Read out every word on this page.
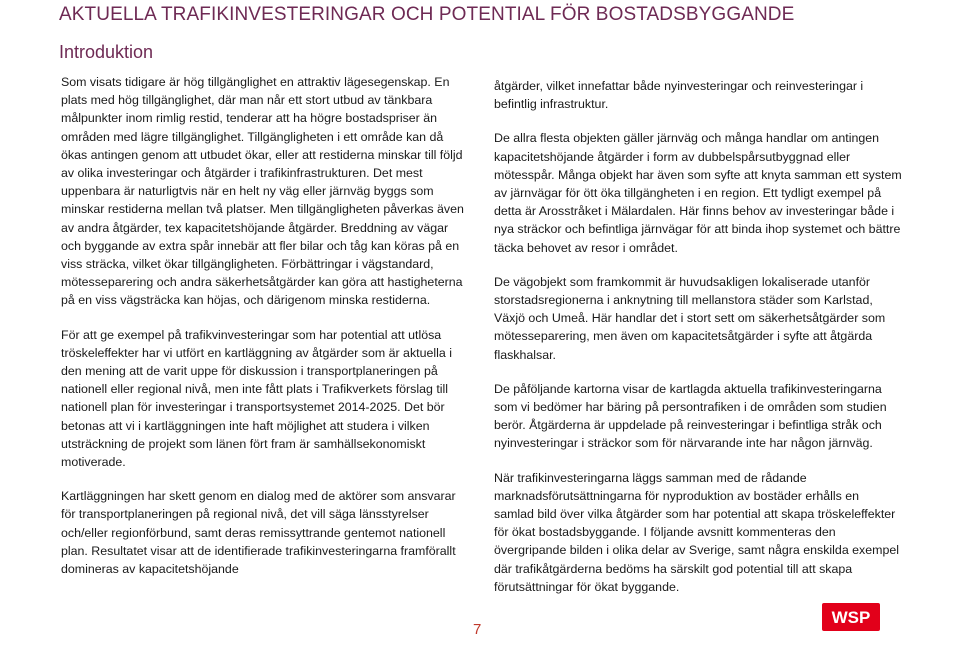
AKTUELLA TRAFIKINVESTERINGAR OCH POTENTIAL FÖR BOSTADSBYGGANDE
Introduktion

Som visats tidigare är hög tillgänglighet en attraktiv lägesegenskap. En plats med hög tillgänglighet, där man når ett stort utbud av tänkbara målpunkter inom rimlig restid, tenderar att ha högre bostadspriser än områden med lägre tillgänglighet. Tillgängligheten i ett område kan då ökas antingen genom att utbudet ökar, eller att restiderna minskar till följd av olika investeringar och åtgärder i trafikinfrastrukturen. Det mest uppenbara är naturligtvis när en helt ny väg eller järnväg byggs som minskar restiderna mellan två platser. Men tillgängligheten påverkas även av andra åtgärder, tex kapacitetshöjande åtgärder. Breddning av vägar och byggande av extra spår innebär att fler bilar och tåg kan köras på en viss sträcka, vilket ökar tillgängligheten. Förbättringar i vägstandard, mötesseparering och andra säkerhetsåtgärder kan göra att hastigheterna på en viss vägsträcka kan höjas, och därigenom minska restiderna.

För att ge exempel på trafikvinvesteringar som har potential att utlösa tröskeleffekter har vi utfört en kartläggning av åtgärder som är aktuella i den mening att de varit uppe för diskussion i transportplaneringen på nationell eller regional nivå, men inte fått plats i Trafikverkets förslag till nationell plan för investeringar i transportsystemet 2014-2025. Det bör betonas att vi i kartläggningen inte haft möjlighet att studera i vilken utsträckning de projekt som länen fört fram är samhällsekonomiskt motiverade.

Kartläggningen har skett genom en dialog med de aktörer som ansvarar för transportplaneringen på regional nivå, det vill säga länsstyrelser och/eller regionförbund, samt deras remissyttrande gentemot nationell plan. Resultatet visar att de identifierade trafikinvesteringarna framförallt domineras av kapacitetshöjande

åtgärder, vilket innefattar både nyinvesteringar och reinvesteringar i befintlig infrastruktur.

De allra flesta objekten gäller järnväg och många handlar om antingen kapacitetshöjande åtgärder i form av dubbelspårsutbyggnad eller mötesspår. Många objekt har även som syfte att knyta samman ett system av järnvägar för ött öka tillgängheten i en region. Ett tydligt exempel på detta är Arosstråket i Mälardalen. Här finns behov av investeringar både i nya sträckor och befintliga järnvägar för att binda ihop systemet och bättre täcka behovet av resor i området.

De vägobjekt som framkommit är huvudsakligen lokaliserade utanför storstadsregionerna i anknytning till mellanstora städer som Karlstad, Växjö och Umeå. Här handlar det i stort sett om säkerhetsåtgärder som mötesseparering, men även om kapacitetsåtgärder i syfte att åtgärda flaskhalsar.

De påföljande kartorna visar de kartlagda aktuella trafikinvesteringarna som vi bedömer har bäring på persontrafiken i de områden som studien berör. Åtgärderna är uppdelade på reinvesteringar i befintliga stråk och nyinvesteringar i sträckor som för närvarande inte har någon järnväg.

När trafikinvesteringarna läggs samman med de rådande marknadsförutsättningarna för nyproduktion av bostäder erhålls en samlad bild över vilka åtgärder som har potential att skapa tröskeleffekter för ökat bostadsbyggande. I följande avsnitt kommenteras den övergripande bilden i olika delar av Sverige, samt några enskilda exempel där trafikåtgärderna bedöms ha särskilt god potential till att skapa förutsättningar för ökat byggande.

7
WSP
